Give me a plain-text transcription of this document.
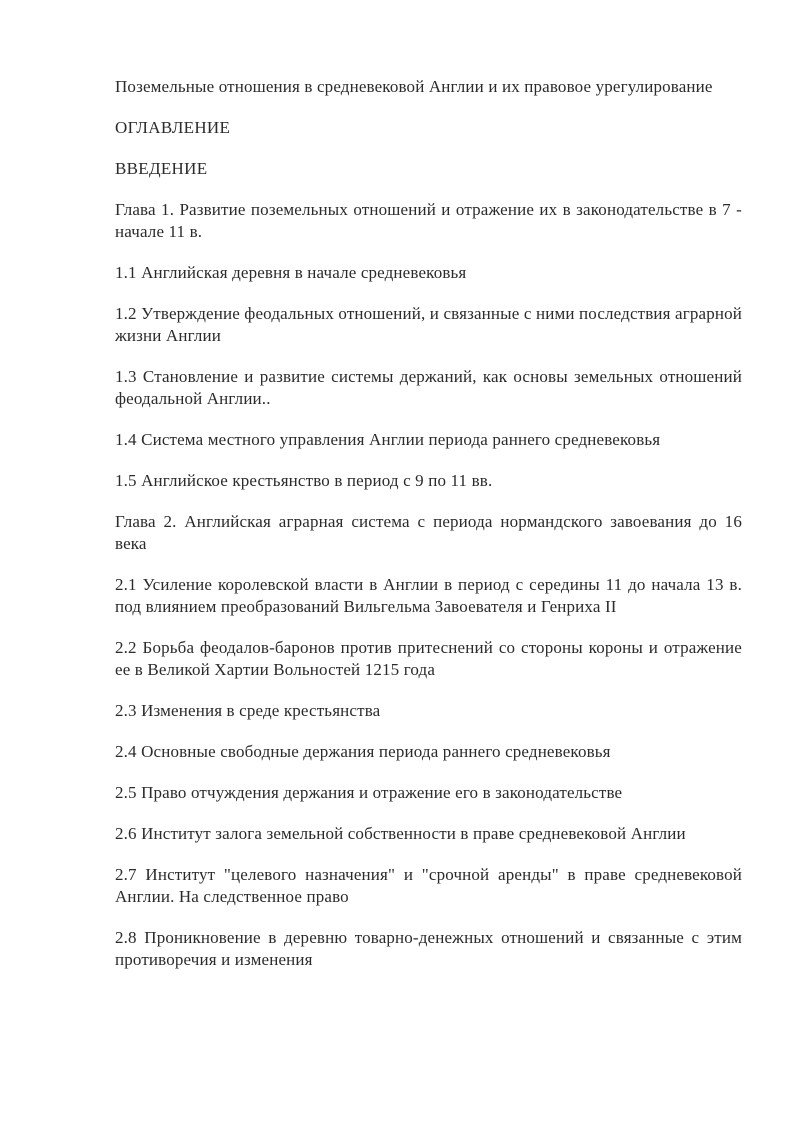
Поземельные отношения в средневековой Англии и их правовое урегулирование

ОГЛАВЛЕНИЕ

ВВЕДЕНИЕ

Глава 1. Развитие поземельных отношений и отражение их в законодательстве в 7 - начале 11 в.

1.1 Английская деревня в начале средневековья

1.2 Утверждение феодальных отношений, и связанные с ними последствия аграрной жизни Англии

1.3 Становление и развитие системы держаний, как основы земельных отношений феодальной Англии..

1.4 Система местного управления Англии периода раннего средневековья

1.5 Английское крестьянство в период с 9 по 11 вв.

Глава 2. Английская аграрная система с периода нормандского завоевания до 16 века

2.1 Усиление королевской власти в Англии в период с середины 11 до начала 13 в. под влиянием преобразований Вильгельма Завоевателя и Генриха II

2.2 Борьба феодалов-баронов против притеснений со стороны короны и отражение ее в Великой Хартии Вольностей 1215 года

2.3 Изменения в среде крестьянства

2.4 Основные свободные держания периода раннего средневековья

2.5 Право отчуждения держания и отражение его в законодательстве

2.6 Институт залога земельной собственности в праве средневековой Англии

2.7 Институт "целевого назначения" и "срочной аренды" в праве средневековой Англии. На следственное право

2.8 Проникновение в деревню товарно-денежных отношений и связанные с этим противоречия и изменения
